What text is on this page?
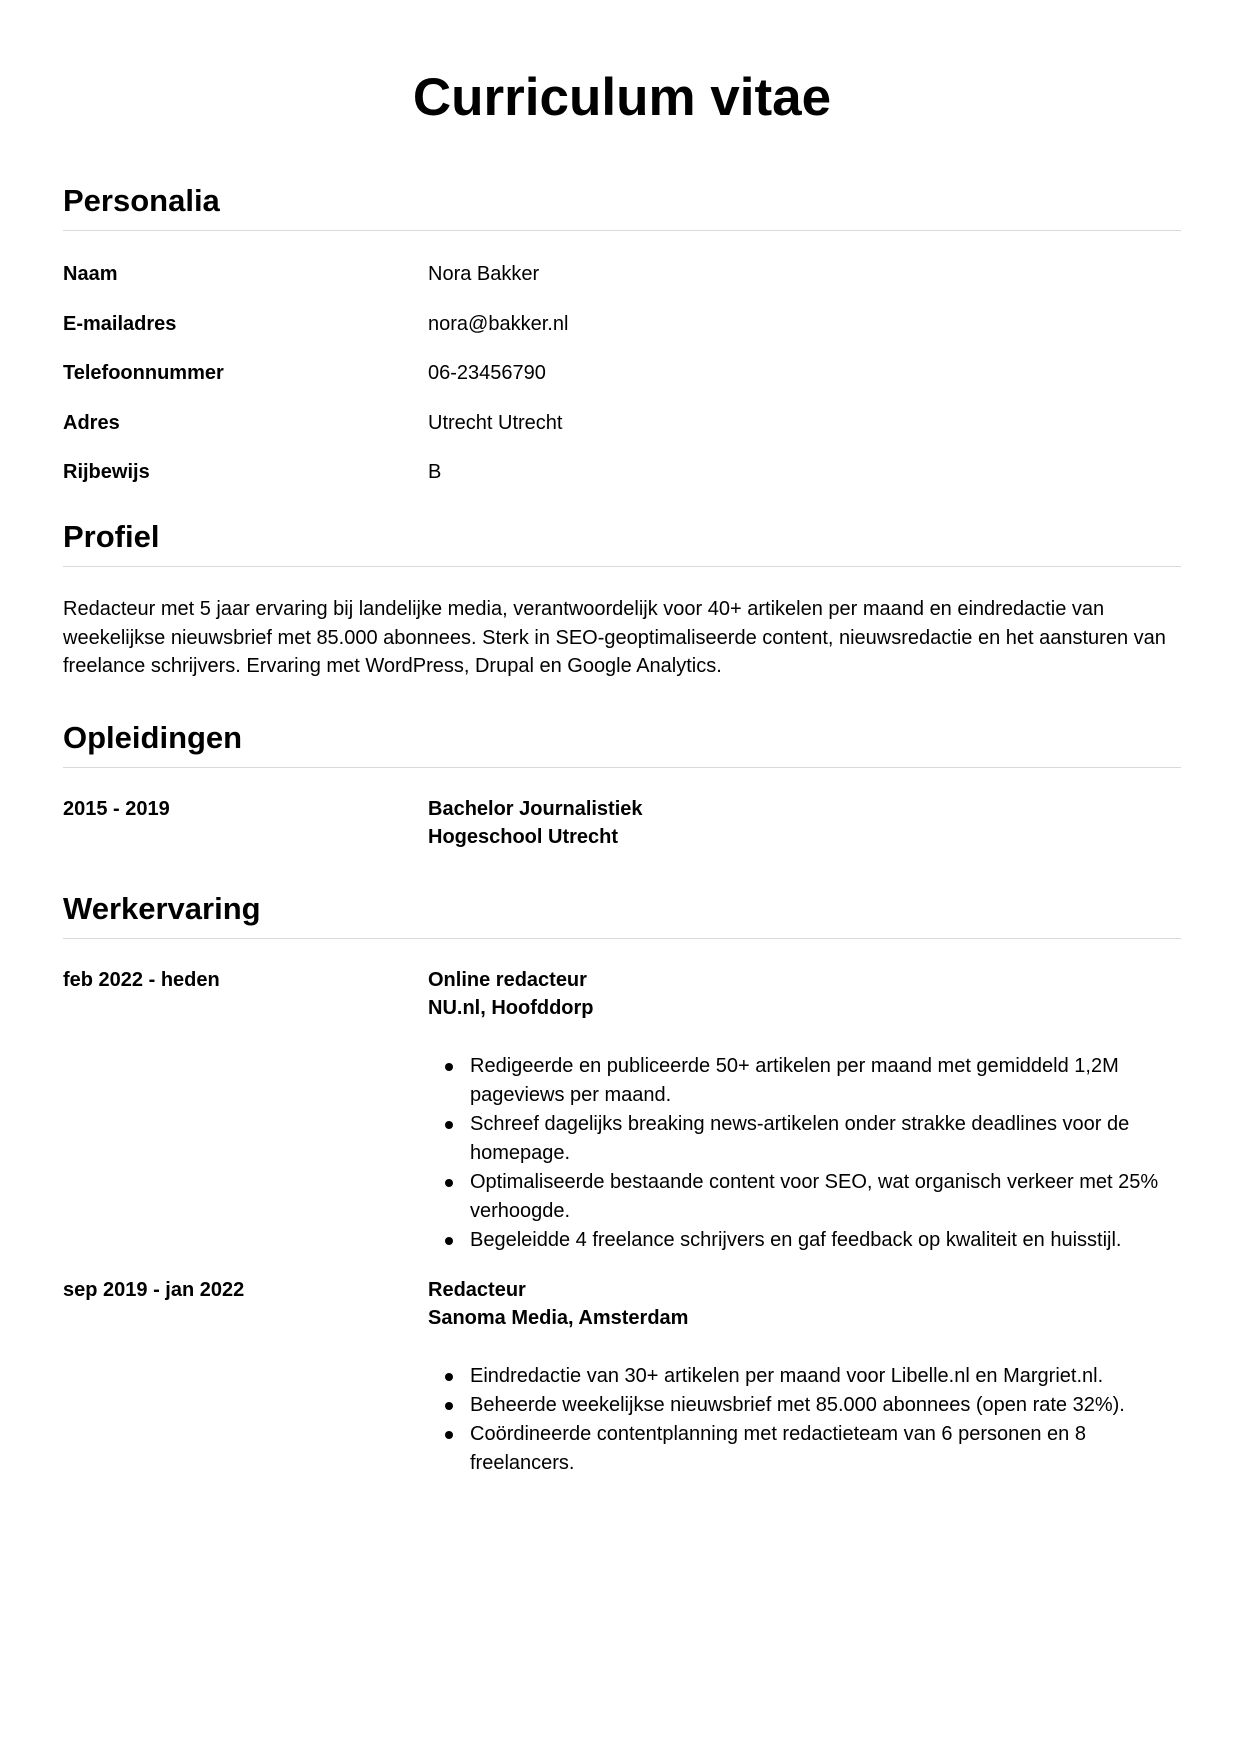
Curriculum vitae
Personalia
Naam	Nora Bakker
E-mailadres	nora@bakker.nl
Telefoonnummer	06-23456790
Adres	Utrecht Utrecht
Rijbewijs	B
Profiel

Redacteur met 5 jaar ervaring bij landelijke media, verantwoordelijk voor 40+ artikelen per maand en eindredactie van weekelijkse nieuwsbrief met 85.000 abonnees. Sterk in SEO-geoptimaliseerde content, nieuwsredactie en het aansturen van freelance schrijvers. Ervaring met WordPress, Drupal en Google Analytics.

Opleidingen
2015 - 2019	Bachelor Journalistiek
Hogeschool Utrecht
Werkervaring
feb 2022 - heden	Online redacteur
NU.nl, Hoofddorp
Redigeerde en publiceerde 50+ artikelen per maand met gemiddeld 1,2M pageviews per maand.
Schreef dagelijks breaking news-artikelen onder strakke deadlines voor de homepage.
Optimaliseerde bestaande content voor SEO, wat organisch verkeer met 25% verhoogde.
Begeleidde 4 freelance schrijvers en gaf feedback op kwaliteit en huisstijl.
sep 2019 - jan 2022	Redacteur
Sanoma Media, Amsterdam
Eindredactie van 30+ artikelen per maand voor Libelle.nl en Margriet.nl.
Beheerde weekelijkse nieuwsbrief met 85.000 abonnees (open rate 32%).
Coördineerde contentplanning met redactieteam van 6 personen en 8 freelancers.
